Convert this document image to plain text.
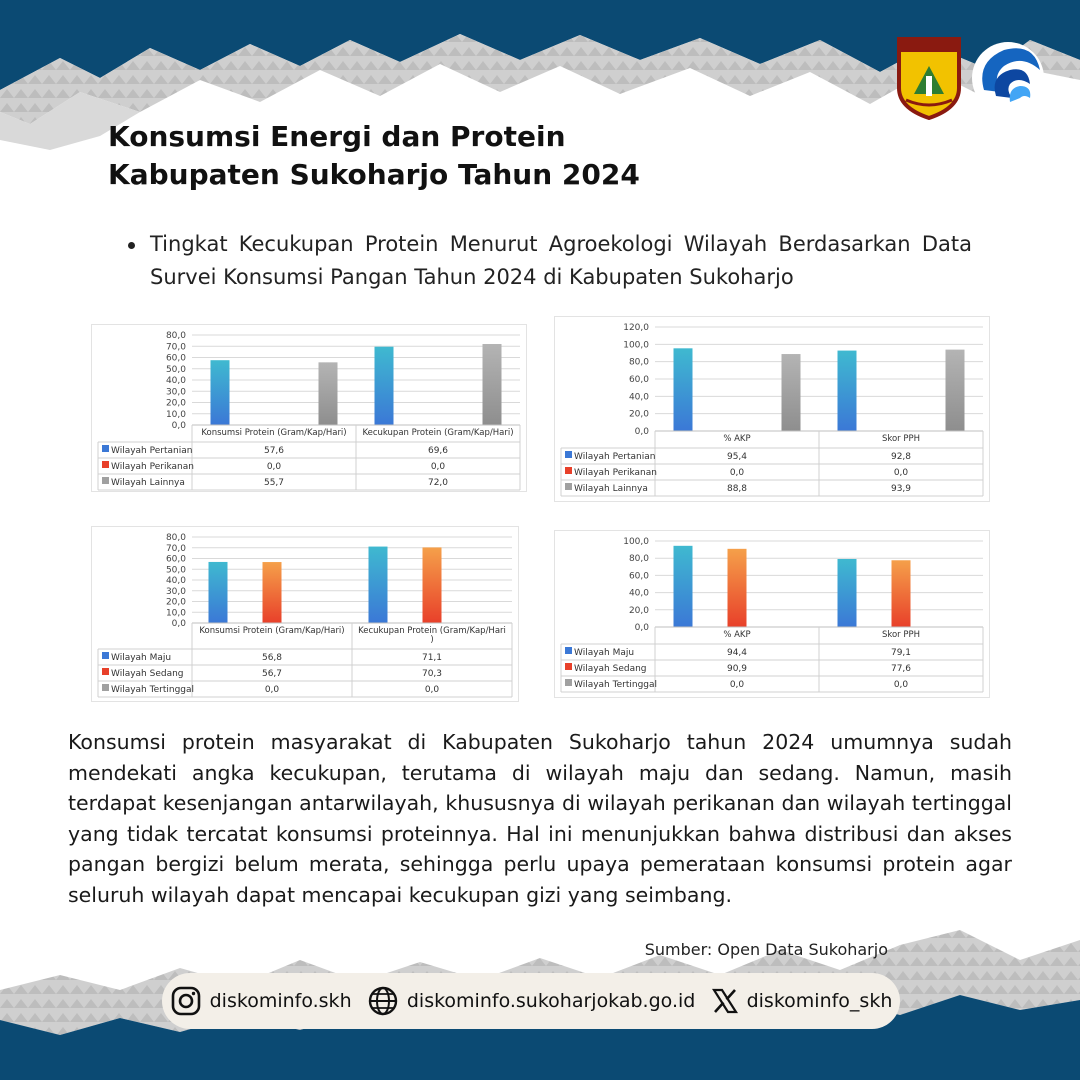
Konsumsi Energi dan Protein
Kabupaten Sukoharjo Tahun 2024
Tingkat Kecukupan Protein Menurut Agroekologi Wilayah Berdasarkan Data Survei Konsumsi Pangan Tahun 2024 di Kabupaten Sukoharjo
0,0
10,0
20,0
30,0
40,0
50,0
60,0
70,0
80,0
Konsumsi Protein (Gram/Kap/Hari) Kecukupan Protein (Gram/Kap/Hari)
Wilayah Pertanian	57,6	69,6
Wilayah Perikanan	0,0	0,0
Wilayah Lainnya	55,7	72,0
0,0
20,0
40,0
60,0
80,0
100,0
120,0
% AKP	Skor PPH
Wilayah Pertanian	95,4	92,8
Wilayah Perikanan	0,0	0,0
Wilayah Lainnya	88,8	93,9
0,0
10,0
20,0
30,0
40,0
50,0
60,0
70,0
80,0
Konsumsi Protein (Gram/Kap/Hari) Kecukupan Protein (Gram/Kap/Hari
)
Wilayah Maju	56,8	71,1
Wilayah Sedang	56,7	70,3
Wilayah Tertinggal	0,0	0,0
0,0
20,0
40,0
60,0
80,0
100,0
% AKP	Skor PPH
Wilayah Maju	94,4	79,1
Wilayah Sedang	90,9	77,6
Wilayah Tertinggal	0,0	0,0

Konsumsi protein masyarakat di Kabupaten Sukoharjo tahun 2024 umumnya sudah mendekati angka kecukupan, terutama di wilayah maju dan sedang. Namun, masih terdapat kesenjangan antarwilayah, khususnya di wilayah perikanan dan wilayah tertinggal yang tidak tercatat konsumsi proteinnya. Hal ini menunjukkan bahwa distribusi dan akses pangan bergizi belum merata, sehingga perlu upaya pemerataan konsumsi protein agar seluruh wilayah dapat mencapai kecukupan gizi yang seimbang.

Sumber: Open Data Sukoharjo
diskominfo.skh	diskominfo.sukoharjokab.go.id	diskominfo_skh
